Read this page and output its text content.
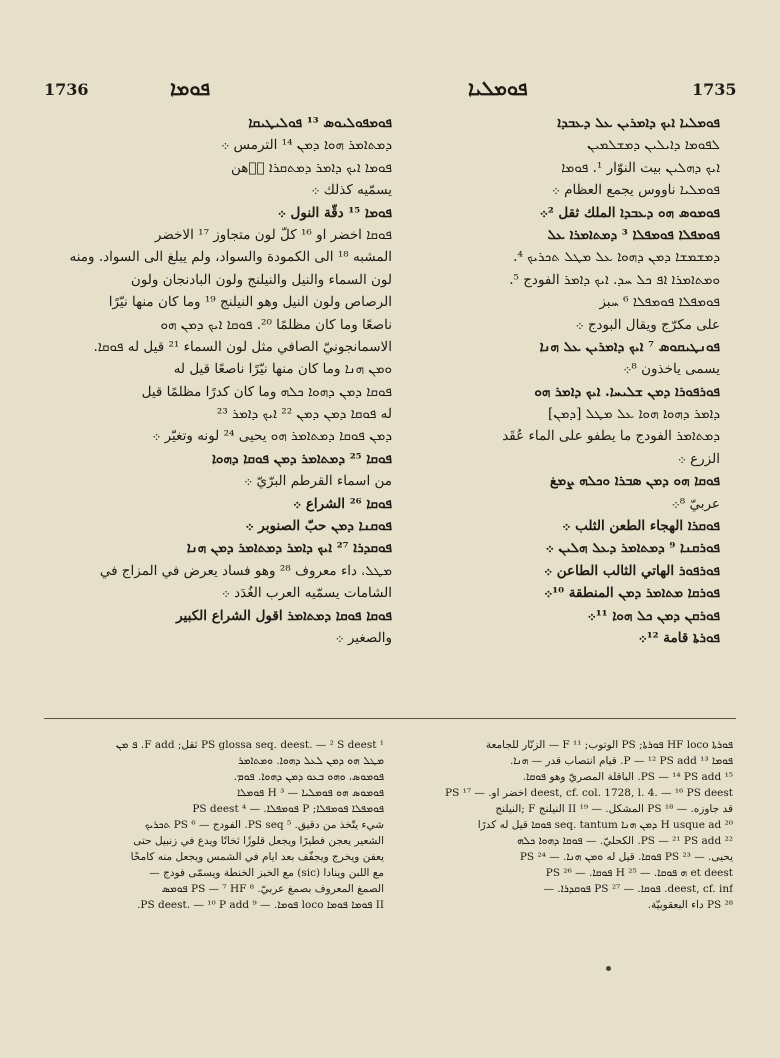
1736	ܦܘܡܐ	ܦܘܡܠܝܐ	1735
ܦܘܡܦܘܠܝܘܣ ¹³ ܦܘܠܝܛܝܩܐ
ܕܡܬܐܡܪ ܗܘܐ ܕܡܢ ¹⁴ الترمس ܀
ܦܘܡܐ ܐܝܟ ܕܐܡܪ ܕܡܬܩܪܐ ܕُهن
يسمّيه كذلك ܀
ܦܘܡܐ ¹⁵ دقّة النول ܀
ܦܘܩܐ اخضر او ¹⁶ كلّ لون متجاوز ¹⁷ الاخضر
المشبه ¹⁸ الى الكمودة والسواد، ولم يبلغ الى السواد. ومنه
لون السماء والنيل والنيلنج ولون البادنجان ولون
الرصاص ولون النيل وهو النيلنج ¹⁹ وما كان منها نيّرًا
ناصعًا وما كان مظلمًا ²⁰. ܦܘܩܐ ܐܝܟ ܕܡܢ ܗܘ
الاسمانجونيّ الصافي مثل لون السماء ²¹ قيل له ܦܘܩܐ.
ܘܡܢ ܗܢܐ وما كان منها نيّرًا ناصعًا قيل له
ܦܘܩܐ ܕܡܢ ܕܗܘܐ ܟܠܗ وما كان كدرًا مظلمًا قيل
له ܦܘܩܐ ܕܡܢ ܕܡܢ ²² ܐܝܟ ܕܐܡܪ ²³
ܕܡܢ ܦܘܩܐ ܕܡܬܐܡܪ ܗܘ يحيى ²⁴ لونه وتغيّر ܀
ܦܘܩܐ ²⁵ ܕܡܬܐܡܪ ܕܡܢ ܦܘܩܐ ܕܗܘܐ
من اسماء القرطم البرّيّ ܀
ܦܘܩܐ ²⁶ الشراع ܀
ܦܘܩܢܐ ܕܡܢ حبّ الصنوبر ܀
ܦܘܩܕܪܐ ²⁷ ܐܝܟ ܕܐܡܪ ܕܡܬܐܡܪ ܕܡܢ ܗܢܐ
ܡܛܠ، داء معروف ²⁸ وهو فساد يعرض في المزاج في
الشامات يسمّيه العرب الغُدَد ܀
ܦܘܩܐ ܦܘܩܐ ܕܡܬܐܡܪ اقول الشراع الكبير
والصغير ܀
ܦܘܡܠܝܐ ܐܝܟ ܕܐܡܪܝܢ ܥܠ ܕܥܒܕܐ
ܠܦܘܡܐ ܕܐܝܠܝܢ ܕܡܫܠܡܝܢ
ܐܝܟ ܕܗܠܝܢ بيت النوّار ¹. ܦܘܡܐ
ܦܘܡܠܝܐ ناووس يجمع العظام ܀
ܦܘܡܘܣ ܗܘ ܕܥܒܕܐ الملك ثقل ²܀
ܦܘܡܦܠܐ ܦܘܡܦܠܐ ³ ܕܡܬܐܡܪܐ ܥܠ
ܕܡܫܡܫܐ ܕܡܢ ܕܗܘܐ ܥܠ ܡܛܠ ܬܟܪܝܟ ⁴.
ܘܡܬܐܡܪܐ ܐܦ ܟܠ ܚܕ. ܐܝܟ ܕܐܡܪ الفودج ⁵.
ܦܘܡܦܠܐ ܦܘܡܦܠܐ ⁶ ܚبز
على مكرّج ويقال البودج ܀
ܦܘܢܛܝܩܘܣ ⁷ ܐܝܟ ܕܐܡܪܝܢ ܥܠ ܗܢܐ
يسمى ياخذون ⁸܀
ܦܘܪܦܘܪܐ ܕܡܢ ܫܠܝܚܐ. ܐܝܟ ܕܐܡܪ ܗܘ
ܕܐܡܪ ܕܗܘܐ ܗܘܐ ܥܠ ܡܛܠ [ܕܡܢ]
ܕܡܬܐܡܪ الفودج ما يطفو على الماء عُقَد
الزرع ܀
ܦܘܩܐ ܗܘ ܕܡܢ ܣܒܪܐ ܘܟܠܗ ܨܡغ
عربيّ ⁸܀
ܦܘܩܪܐ الهجاء الطعن الثلب ܀
ܦܘܪܩܢܐ ⁹ ܕܡܬܐܡܪ ܕܥܠ ܗܠܝܢ ܀
ܦܘܪܦܘܪ الهاتي الثالب الطاعن ܀
ܦܘܪܩܐ ܡܬܐܡܪ ܕܡܢ المنطقة ¹⁰܀
ܦܘܪܩܢ ܕܡܢ ܟܠ ܗܘܐ ¹¹܀
ܦܘܪܬܐ قامة ¹²܀
¹ PS glossa seq. deest. — ² S deest ثقل; F add. ܦ ܡܢ
ܡܛܠ ܗܘ ܕܡܢ ܠܥܠ ܕܗܘܐ. ܘܡܬܐܡܪ
ܦܘܡܘܣ، ܘܗܘ ܒܥܘ ܕܡܢ ܕܗܘܐ. ܦܘܡ.
ܦܘܡܘܣ ܗܘ ܦܘܡܠܝܐ — ³ H ܦܘܡܠܐ
ܦܘܡܦܠܐ ܦܘܡܦܠܐ; P ܦܘܡܦܠܐ. — ⁴ PS deest
شيء يتّخذ من دقيق. ⁵ PS seq. الفودج — ⁶ PS ܬܟܪܝܟ
الشعير يعجن فطيرًا ويجعل قلوزًا ثخانًا ويدع في زنبيل حتى
يعفن ويخرج ويجفّف بعد ايام في الشمس ويجعل منه كامخًا
مع اللبن وينادا (sic) مع الخبز الخنطة ويسمّى فودج —
الصمغ المعروف بصمغ عربيّ. ⁸ PS — ⁷ HF ܦܘܡܣ
II ܦܘܡܐ ܦܘܡܐ loco ܦܘܡܐ. — ⁹ PS deest. — ¹⁰ P add.
ܦܘܪܬܐ HF loco ܦܘܪܬܐ; PS الوتوب; F ¹¹ — الزنّار للجامعة
ܦܘܡܐ ¹³ P — ¹² PS add. قيام انتصاب قدر — ܗܢܐ.
¹⁵ PS — ¹⁴ PS add. الباقلة المصريّ وهو ܦܘܩܐ.
deest, cf. col. 1728, l. 4. — ¹⁶ PS deest اخضر او. — ¹⁷ PS
قد جاوزه. — ¹⁸ PS المشكل. — ¹⁹ II النيلنج F ;النيلنج
²⁰ H usque ad ܕܡܢ ܗܢܐ seq. tantum ܦܘܩܐ قيل له كدرًا
²² PS — ²¹ PS add. الكحليّ. — ܦܘܩܐ ܕܗܘܐ ܟܠܗ
يحيى. — ²³ PS ܦܘܩܐ. قيل له ܘܡܢ ܗܢܐ. — ²⁴ PS
et deest ܗ ܦܘܩܐ. — ²⁵ H ܦܘܩܐ. — ²⁶ PS
deest, cf. inf. ܦܘܩܐ. — ²⁷ PS ܦܘܩܕܪܐ. —
²⁸ PS داء البعقوبيّة.
